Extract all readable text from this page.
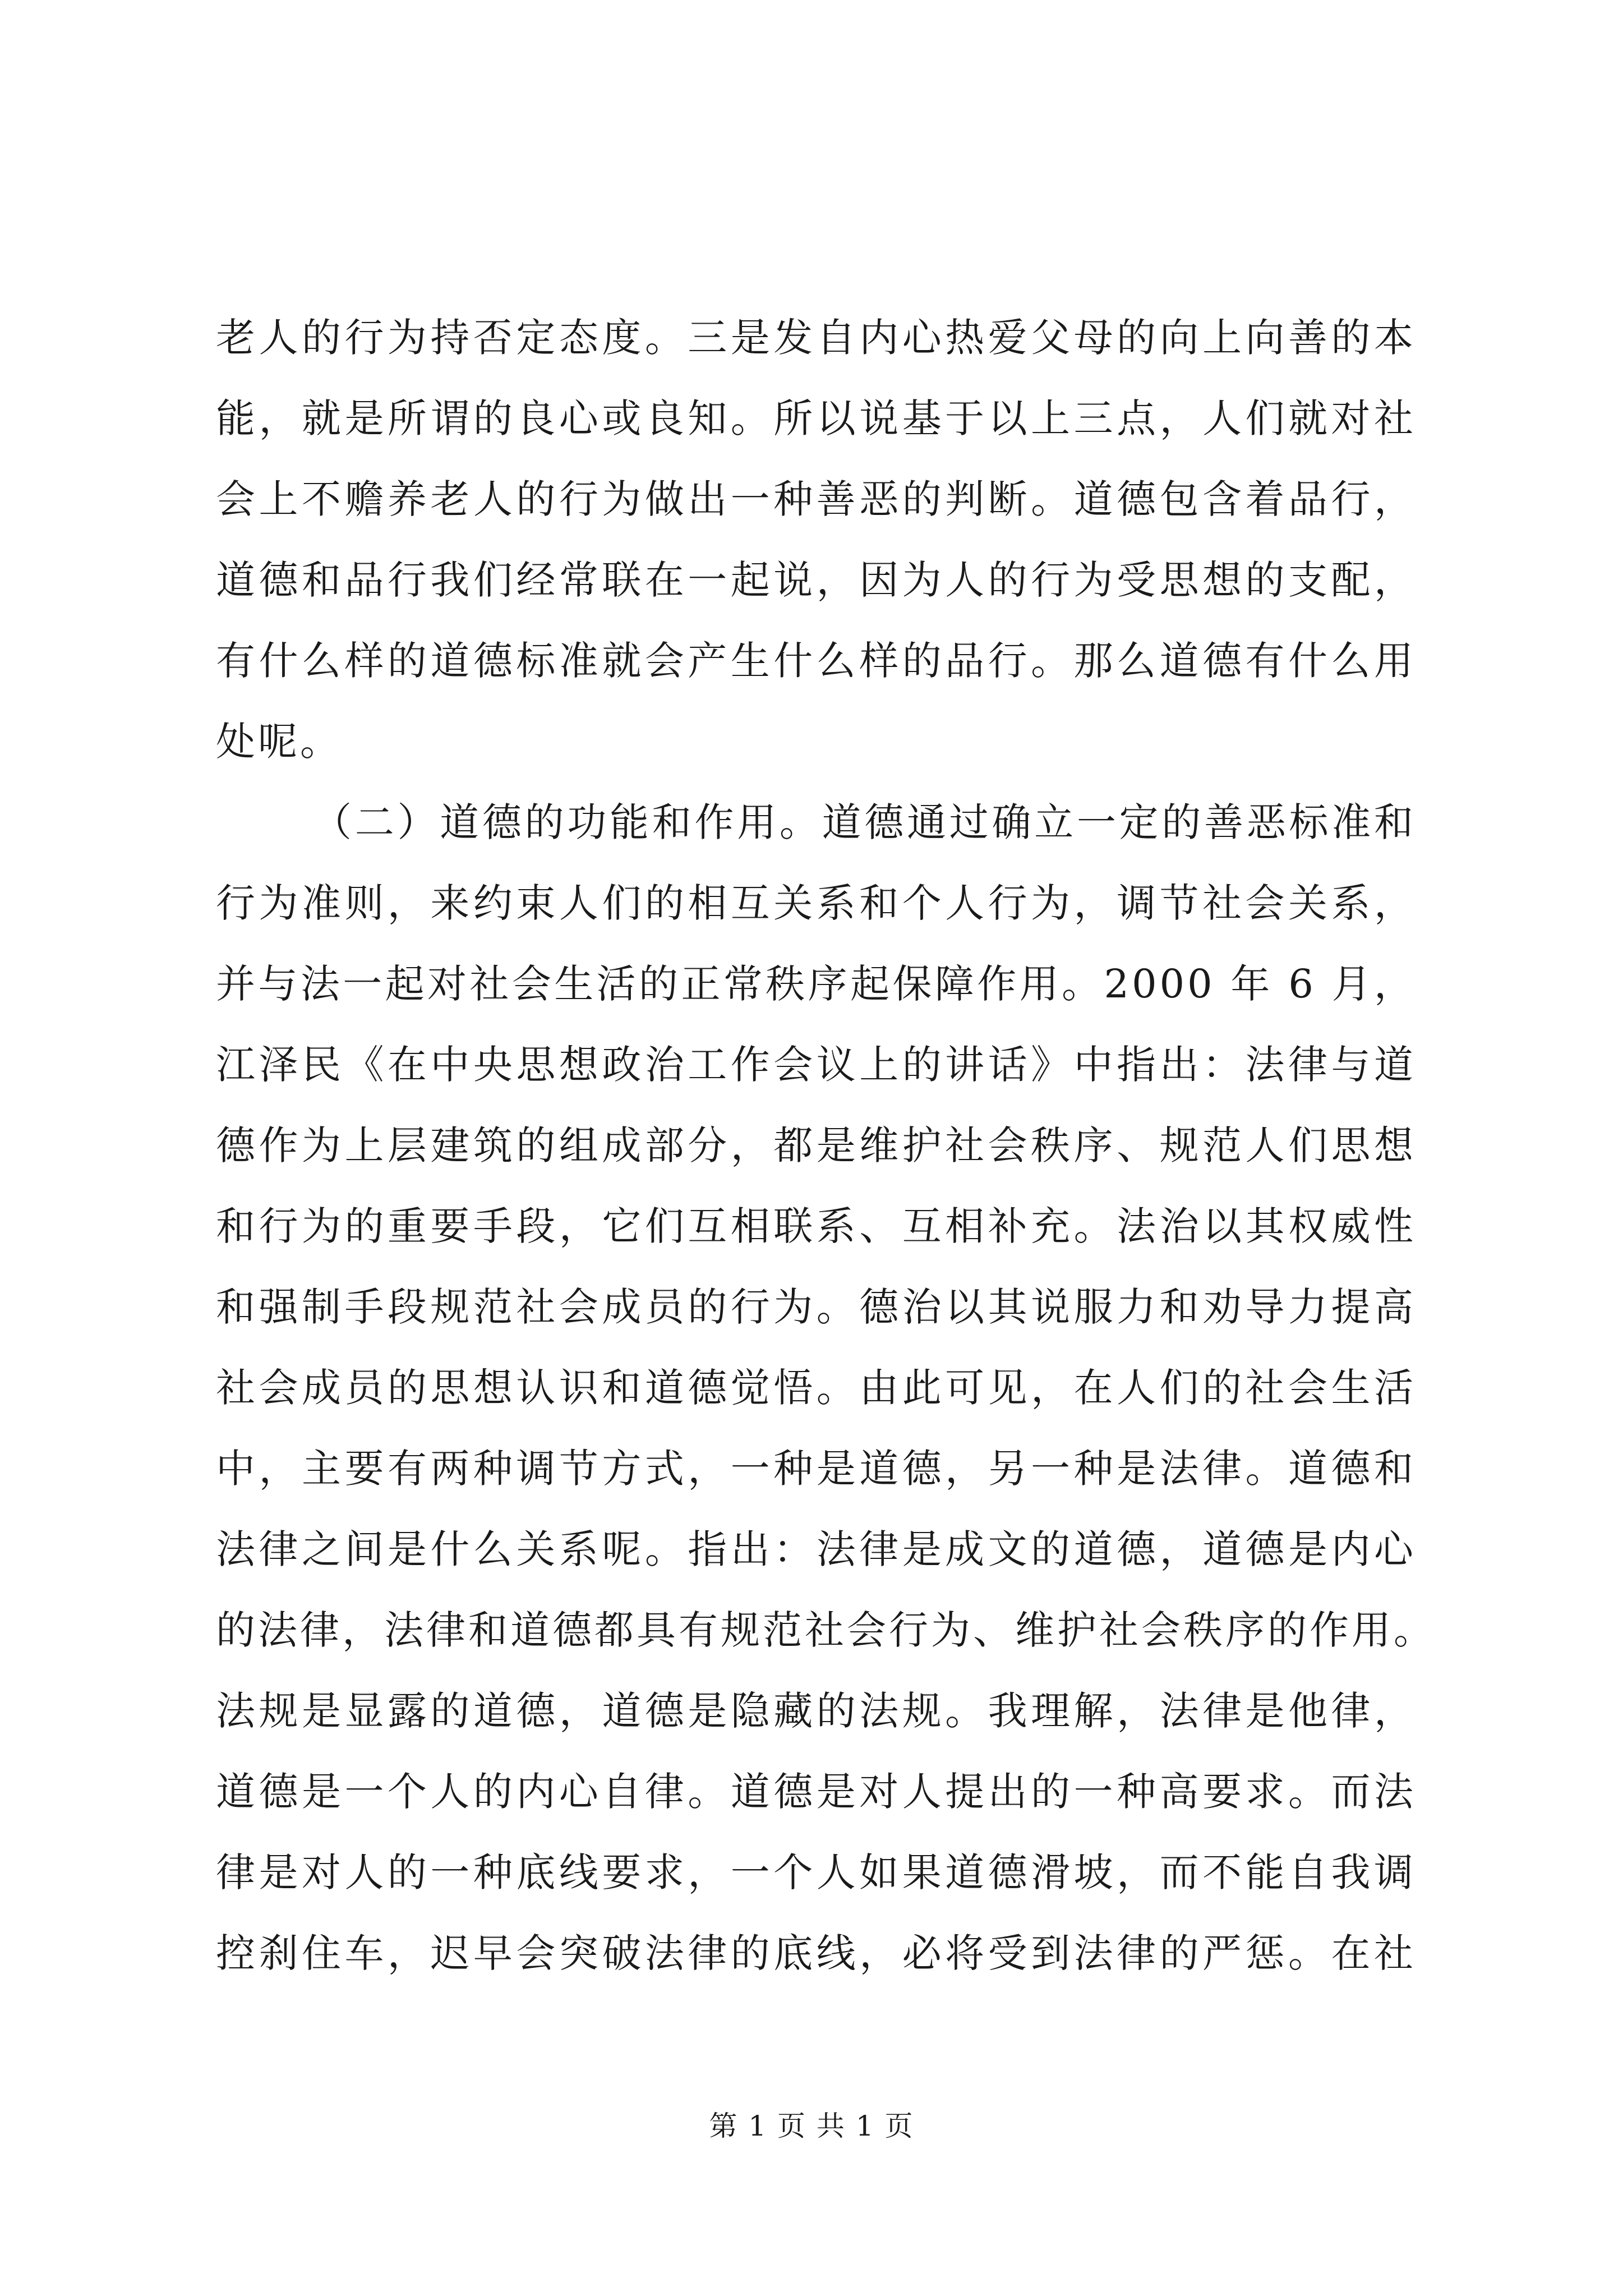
老人的行为持否定态度。三是发自内心热爱父母的向上向善的本
能，就是所谓的良心或良知。所以说基于以上三点，人们就对社
会上不赡养老人的行为做出一种善恶的判断。道德包含着品行，
道德和品行我们经常联在一起说，因为人的行为受思想的支配，
有什么样的道德标准就会产生什么样的品行。那么道德有什么用
处呢。
（二）道德的功能和作用。道德通过确立一定的善恶标准和
行为准则，来约束人们的相互关系和个人行为，调节社会关系，
并与法一起对社会生活的正常秩序起保障作用。2000 年 6 月，
江泽民《在中央思想政治工作会议上的讲话》中指出：法律与道
德作为上层建筑的组成部分，都是维护社会秩序、规范人们思想
和行为的重要手段，它们互相联系、互相补充。法治以其权威性
和强制手段规范社会成员的行为。德治以其说服力和劝导力提高
社会成员的思想认识和道德觉悟。由此可见，在人们的社会生活
中，主要有两种调节方式，一种是道德，另一种是法律。道德和
法律之间是什么关系呢。指出：法律是成文的道德，道德是内心
的法律，法律和道德都具有规范社会行为、维护社会秩序的作用。
法规是显露的道德，道德是隐藏的法规。我理解，法律是他律，
道德是一个人的内心自律。道德是对人提出的一种高要求。而法
律是对人的一种底线要求，一个人如果道德滑坡，而不能自我调
控刹住车，迟早会突破法律的底线，必将受到法律的严惩。在社
第 1 页 共 1 页
